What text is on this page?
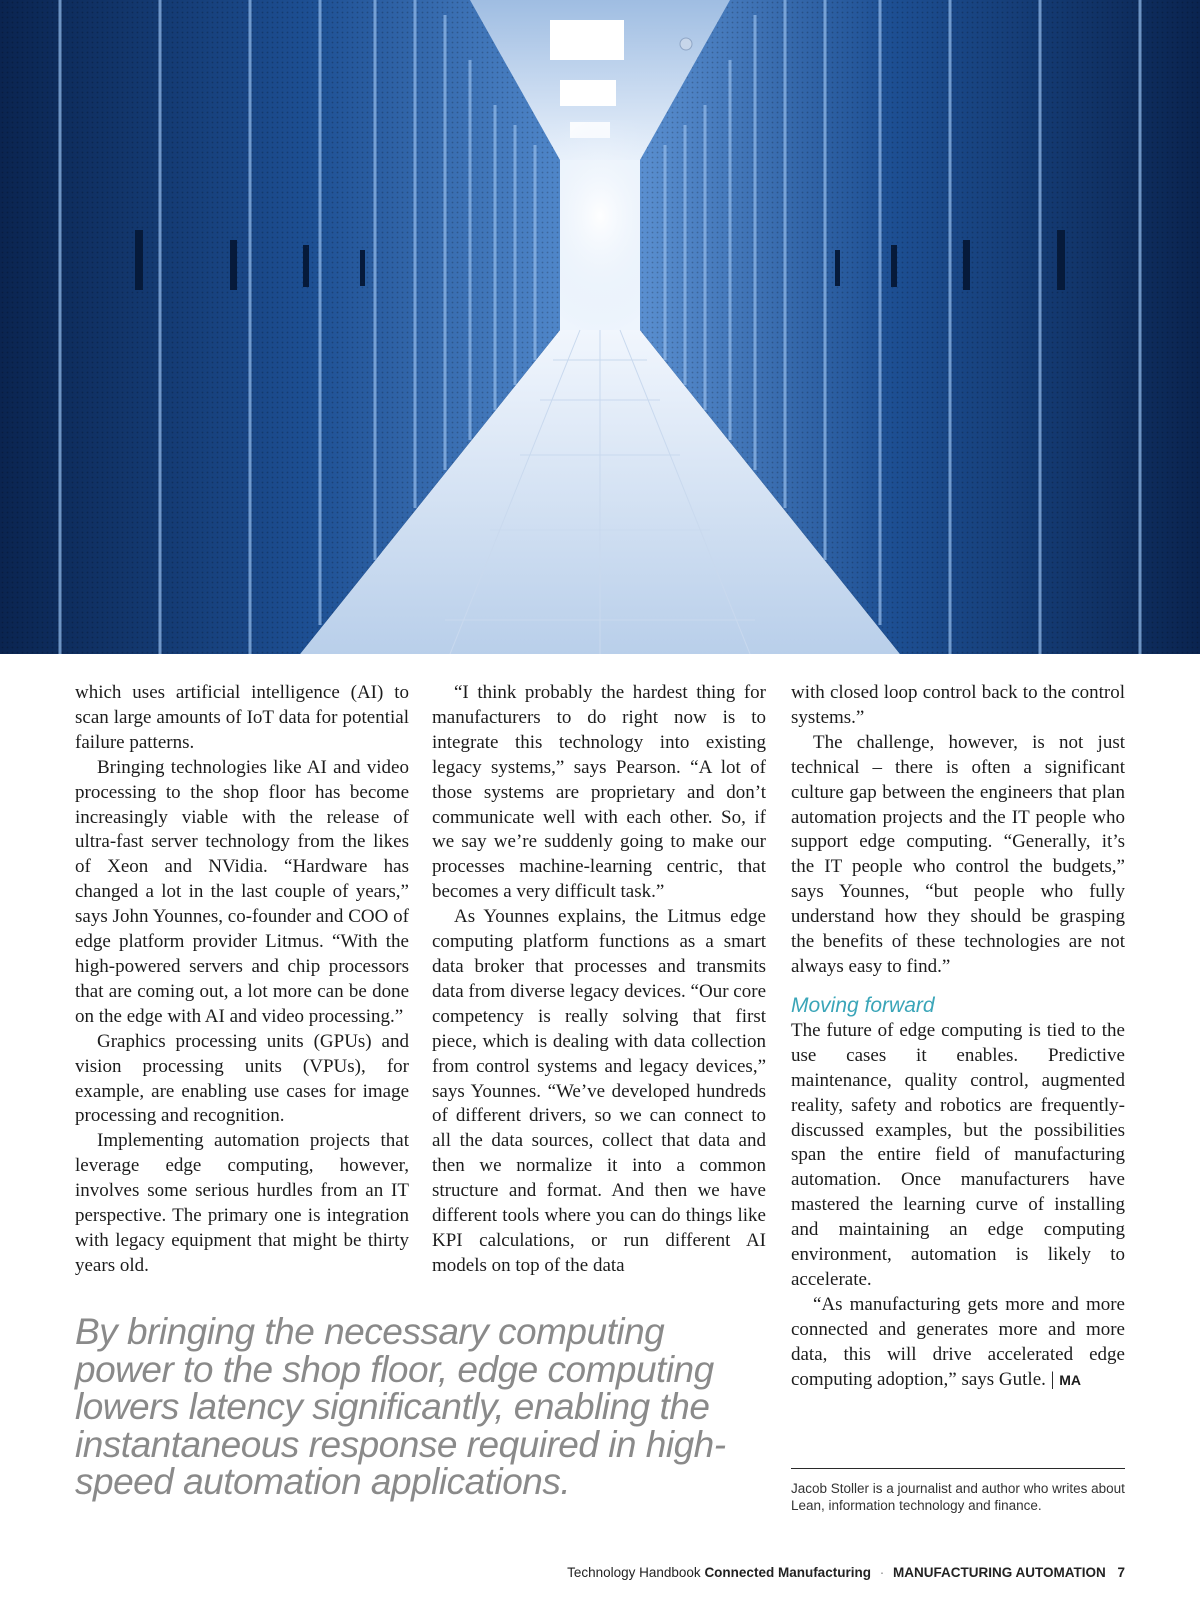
which uses artificial intelligence (AI) to scan large amounts of IoT data for potential failure patterns.

Bringing technologies like AI and video processing to the shop floor has become increasingly viable with the release of ultra-fast server technology from the likes of Xeon and NVidia. “Hardware has changed a lot in the last couple of years,” says John Younnes, co-founder and COO of edge platform provider Litmus. “With the high-powered servers and chip processors that are coming out, a lot more can be done on the edge with AI and video processing.”

Graphics processing units (GPUs) and vision processing units (VPUs), for example, are enabling use cases for image processing and recognition.

Implementing automation projects that leverage edge computing, however, involves some serious hurdles from an IT perspective. The primary one is integration with legacy equipment that might be thirty years old.

“I think probably the hardest thing for manufacturers to do right now is to integrate this technology into existing legacy systems,” says Pearson. “A lot of those systems are proprietary and don’t communicate well with each other. So, if we say we’re suddenly going to make our processes machine-learning centric, that becomes a very difficult task.”

As Younnes explains, the Litmus edge computing platform functions as a smart data broker that processes and transmits data from diverse legacy devices. “Our core competency is really solving that first piece, which is dealing with data collection from control systems and legacy devices,” says Younnes. “We’ve developed hundreds of different drivers, so we can connect to all the data sources, collect that data and then we normalize it into a common structure and format. And then we have different tools where you can do things like KPI calculations, or run different AI models on top of the data

with closed loop control back to the control systems.”

The challenge, however, is not just technical – there is often a significant culture gap between the engineers that plan automation projects and the IT people who support edge computing. “Generally, it’s the IT people who control the budgets,” says Younnes, “but people who fully understand how they should be grasping the benefits of these technologies are not always easy to find.”

Moving forward

The future of edge computing is tied to the use cases it enables. Predictive maintenance, quality control, augmented reality, safety and robotics are frequently-discussed examples, but the possibilities span the entire field of manufacturing automation. Once manufacturers have mastered the learning curve of installing and maintaining an edge computing environment, automation is likely to accelerate.

“As manufacturing gets more and more connected and generates more and more data, this will drive accelerated edge computing adoption,” says Gutle. | MA

By bringing the necessary computing power to the shop floor, edge computing lowers latency significantly, enabling the instantaneous response required in high-speed automation applications.	Jacob Stoller is a journalist and author who writes about Lean, information technology and finance.
Technology Handbook Connected Manufacturing · MANUFACTURING AUTOMATION 7
